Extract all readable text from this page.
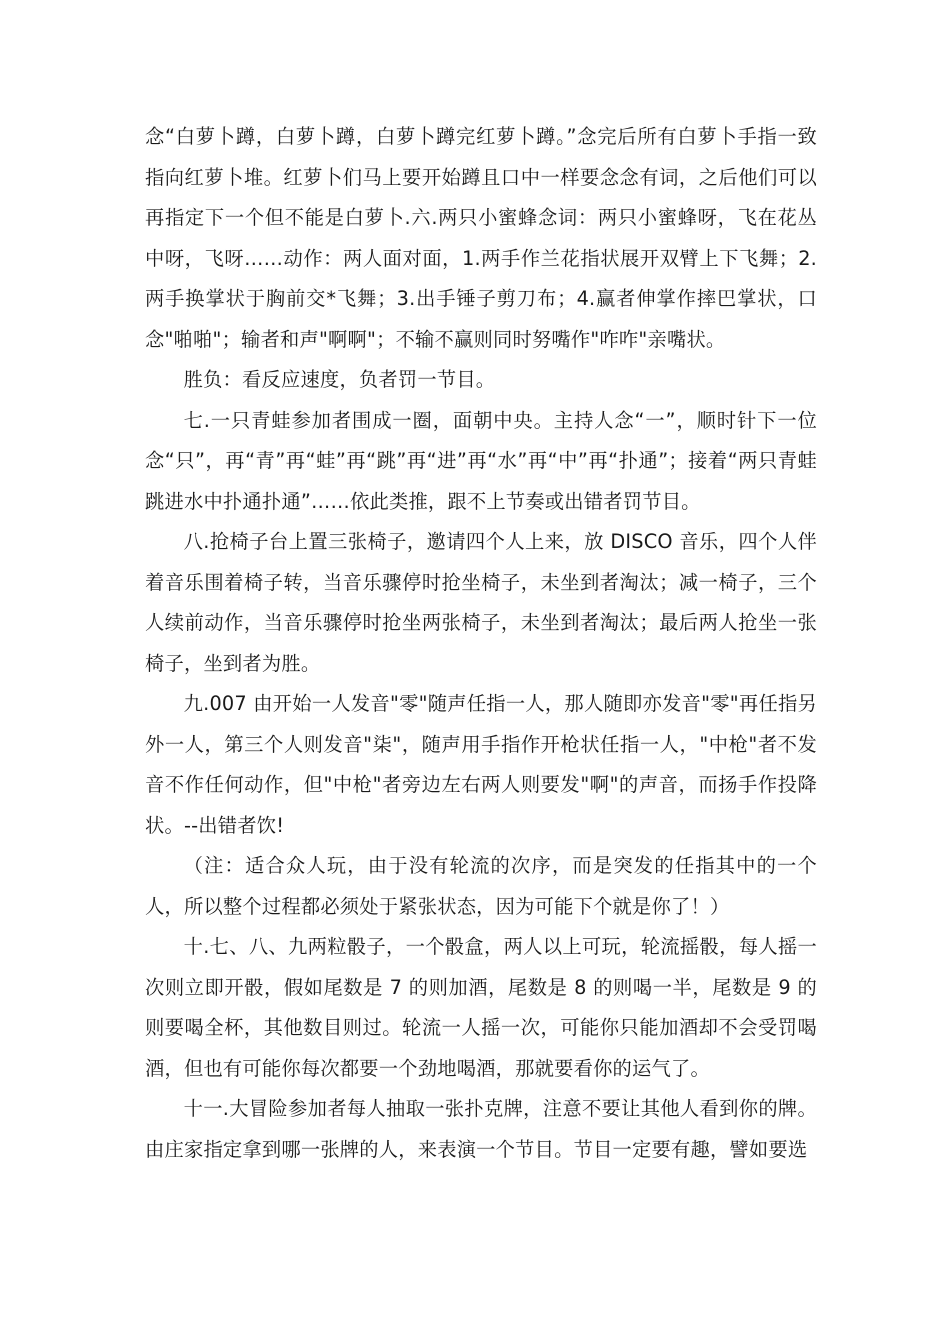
念“白萝卜蹲，白萝卜蹲，白萝卜蹲完红萝卜蹲。”念完后所有白萝卜手指一致指向红萝卜堆。红萝卜们马上要开始蹲且口中一样要念念有词，之后他们可以再指定下一个但不能是白萝卜.六.两只小蜜蜂念词：两只小蜜蜂呀，飞在花丛中呀，飞呀……动作：两人面对面，1.两手作兰花指状展开双臂上下飞舞；2.两手换掌状于胸前交*飞舞；3.出手锤子剪刀布；4.赢者伸掌作摔巴掌状，口念"啪啪"；输者和声"啊啊"；不输不赢则同时努嘴作"咋咋"亲嘴状。

胜负：看反应速度，负者罚一节目。

七.一只青蛙参加者围成一圈，面朝中央。主持人念“一”，顺时针下一位念“只”，再“青”再“蛙”再“跳”再“进”再“水”再“中”再“扑通”；接着“两只青蛙跳进水中扑通扑通”……依此类推，跟不上节奏或出错者罚节目。

八.抢椅子台上置三张椅子，邀请四个人上来，放 DISCO 音乐，四个人伴着音乐围着椅子转，当音乐骤停时抢坐椅子，未坐到者淘汰；减一椅子，三个人续前动作，当音乐骤停时抢坐两张椅子，未坐到者淘汰；最后两人抢坐一张椅子，坐到者为胜。

九.007 由开始一人发音"零"随声任指一人，那人随即亦发音"零"再任指另外一人，第三个人则发音"柒"，随声用手指作开枪状任指一人，"中枪"者不发音不作任何动作，但"中枪"者旁边左右两人则要发"啊"的声音，而扬手作投降状。--出错者饮!

（注：适合众人玩，由于没有轮流的次序，而是突发的任指其中的一个人，所以整个过程都必须处于紧张状态，因为可能下个就是你了！）

十.七、八、九两粒骰子，一个骰盒，两人以上可玩，轮流摇骰，每人摇一次则立即开骰，假如尾数是 7 的则加酒，尾数是 8 的则喝一半，尾数是 9 的则要喝全杯，其他数目则过。轮流一人摇一次，可能你只能加酒却不会受罚喝酒，但也有可能你每次都要一个劲地喝酒，那就要看你的运气了。

十一.大冒险参加者每人抽取一张扑克牌，注意不要让其他人看到你的牌。由庄家指定拿到哪一张牌的人，来表演一个节目。节目一定要有趣，譬如要选
